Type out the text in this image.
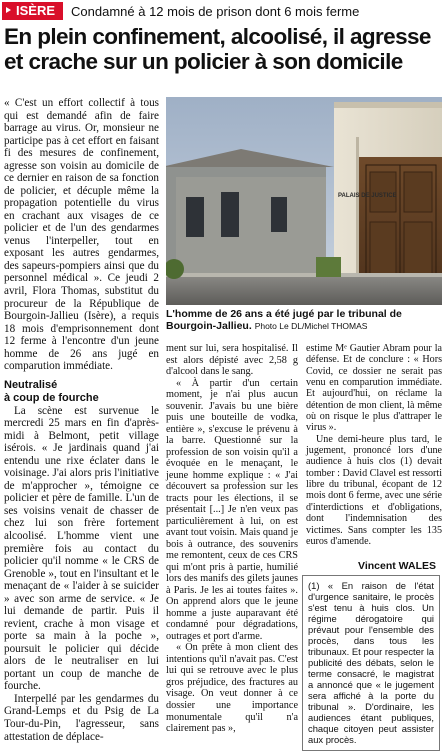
ISÈRE	Condamné à 12 mois de prison dont 6 mois ferme
En plein confinement, alcoolisé, il agresse et crache sur un policier à son domicile

« C'est un effort collectif à tous qui est demandé afin de faire barrage au virus. Or, monsieur ne participe pas à cet effort en faisant fi des mesures de confinement, agresse son voisin au domicile de ce dernier en raison de sa fonction de policier, et décuple même la propagation potentielle du virus en crachant aux visages de ce policier et de l'un des gendarmes venus l'interpeller, tout en exposant les autres gendarmes, des sapeurs-pompiers ainsi que du personnel médical ». Ce jeudi 2 avril, Flora Thomas, substitut du procureur de la République de Bourgoin-Jallieu (Isère), a requis 18 mois d'emprisonnement dont 12 ferme à l'encontre d'un jeune homme de 26 ans jugé en comparution immédiate.

Neutralisé
à coup de fourche

La scène est survenue le mercredi 25 mars en fin d'après-midi à Belmont, petit village isérois. « Je jardinais quand j'ai entendu une rixe éclater dans le voisinage. J'ai alors pris l'initiative de m'approcher », témoigne ce policier et père de famille. L'un de ses voisins venait de chasser de chez lui son frère fortement alcoolisé. L'homme vient une première fois au contact du policier qu'il nomme « le CRS de Grenoble », tout en l'insultant et le menaçant de « l'aider à se suicider » avec son arme de service. « Je lui demande de partir. Puis il revient, crache à mon visage et porte sa main à la poche », poursuit le policier qui décide alors de le neutraliser en lui portant un coup de manche de fourche.

Interpellé par les gendarmes du Grand-Lemps et du Psig de La Tour-du-Pin, l'agresseur, sans attestation de déplace-

PALAIS DE JUSTICE
L'homme de 26 ans a été jugé par le tribunal de Bourgoin-Jallieu. Photo Le DL/Michel THOMAS

ment sur lui, sera hospitalisé. Il est alors dépisté avec 2,58 g d'alcool dans le sang.

« À partir d'un certain moment, je n'ai plus aucun souvenir. J'avais bu une bière puis une bouteille de vodka, entière », s'excuse le prévenu à la barre. Questionné sur la profession de son voisin qu'il a évoquée en le menaçant, le jeune homme explique : « J'ai découvert sa profession sur les tracts pour les élections, il se présentait [...] Je n'en veux pas particulièrement à lui, on est avant tout voisin. Mais quand je bois à outrance, des souvenirs me remontent, ceux de ces CRS qui m'ont pris à partie, humilié lors des manifs des gilets jaunes à Paris. Je les ai toutes faites ». On apprend alors que le jeune homme a juste auparavant été condamné pour dégradations, outrages et port d'arme.

« On prête à mon client des intentions qu'il n'avait pas. C'est lui qui se retrouve avec le plus gros préjudice, des fractures au visage. On veut donner à ce dossier une importance monumentale qu'il n'a clairement pas »,

estime Mᵉ Gautier Abram pour la défense. Et de conclure : « Hors Covid, ce dossier ne serait pas venu en comparution immédiate. Et aujourd'hui, on réclame la détention de mon client, là même où on risque le plus d'attraper le virus ».

Une demi-heure plus tard, le jugement, prononcé lors d'une audience à huis clos (1) devait tomber : David Clavel est ressorti libre du tribunal, écopant de 12 mois dont 6 ferme, avec une série d'interdictions et d'obligations, dont l'indemnisation des victimes. Sans compter les 135 euros d'amende.

Vincent WALES
(1) « En raison de l'état d'urgence sanitaire, le procès s'est tenu à huis clos. Un régime dérogatoire qui prévaut pour l'ensemble des procès, dans tous les tribunaux. Et pour respecter la publicité des débats, selon le terme consacré, le magistrat a annoncé que « le jugement sera affiché à la porte du tribunal ». D'ordinaire, les audiences étant publiques, chaque citoyen peut assister aux procès.
